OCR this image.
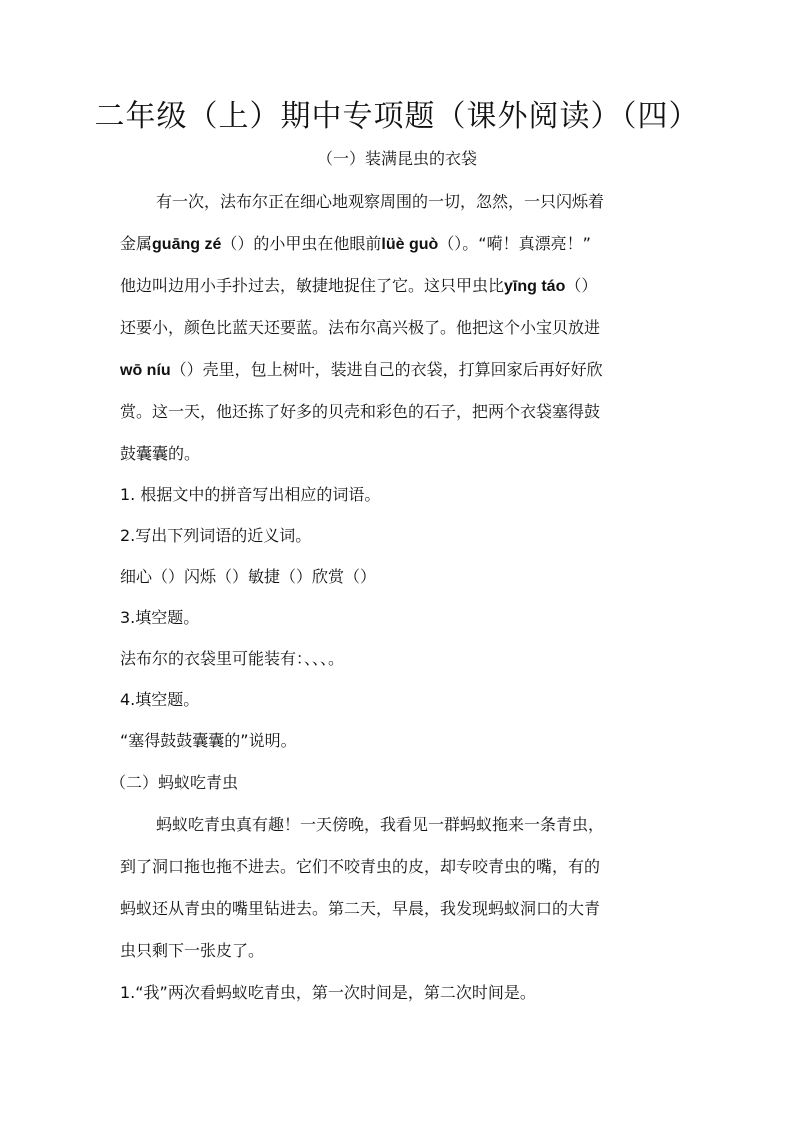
二年级（上）期中专项题（课外阅读）（四）
（一）装满昆虫的衣袋
有一次，法布尔正在细心地观察周围的一切，忽然，一只闪烁着
金属guāng zé（）的小甲虫在他眼前lüè guò（）。“嗬！真漂亮！”
他边叫边用小手扑过去，敏捷地捉住了它。这只甲虫比yīng táo（）
还要小，颜色比蓝天还要蓝。法布尔高兴极了。他把这个小宝贝放进
wō níu（）壳里，包上树叶，装进自己的衣袋，打算回家后再好好欣
赏。这一天，他还拣了好多的贝壳和彩色的石子，把两个衣袋塞得鼓
鼓囊囊的。
1. 根据文中的拼音写出相应的词语。
2.写出下列词语的近义词。
细心（）闪烁（）敏捷（）欣赏（）
3.填空题。
法布尔的衣袋里可能装有：、、、。
4.填空题。
“塞得鼓鼓囊囊的”说明。
（二）蚂蚁吃青虫
蚂蚁吃青虫真有趣！一天傍晚，我看见一群蚂蚁拖来一条青虫，
到了洞口拖也拖不进去。它们不咬青虫的皮，却专咬青虫的嘴，有的
蚂蚁还从青虫的嘴里钻进去。第二天，早晨，我发现蚂蚁洞口的大青
虫只剩下一张皮了。
1.“我”两次看蚂蚁吃青虫，第一次时间是，第二次时间是。
